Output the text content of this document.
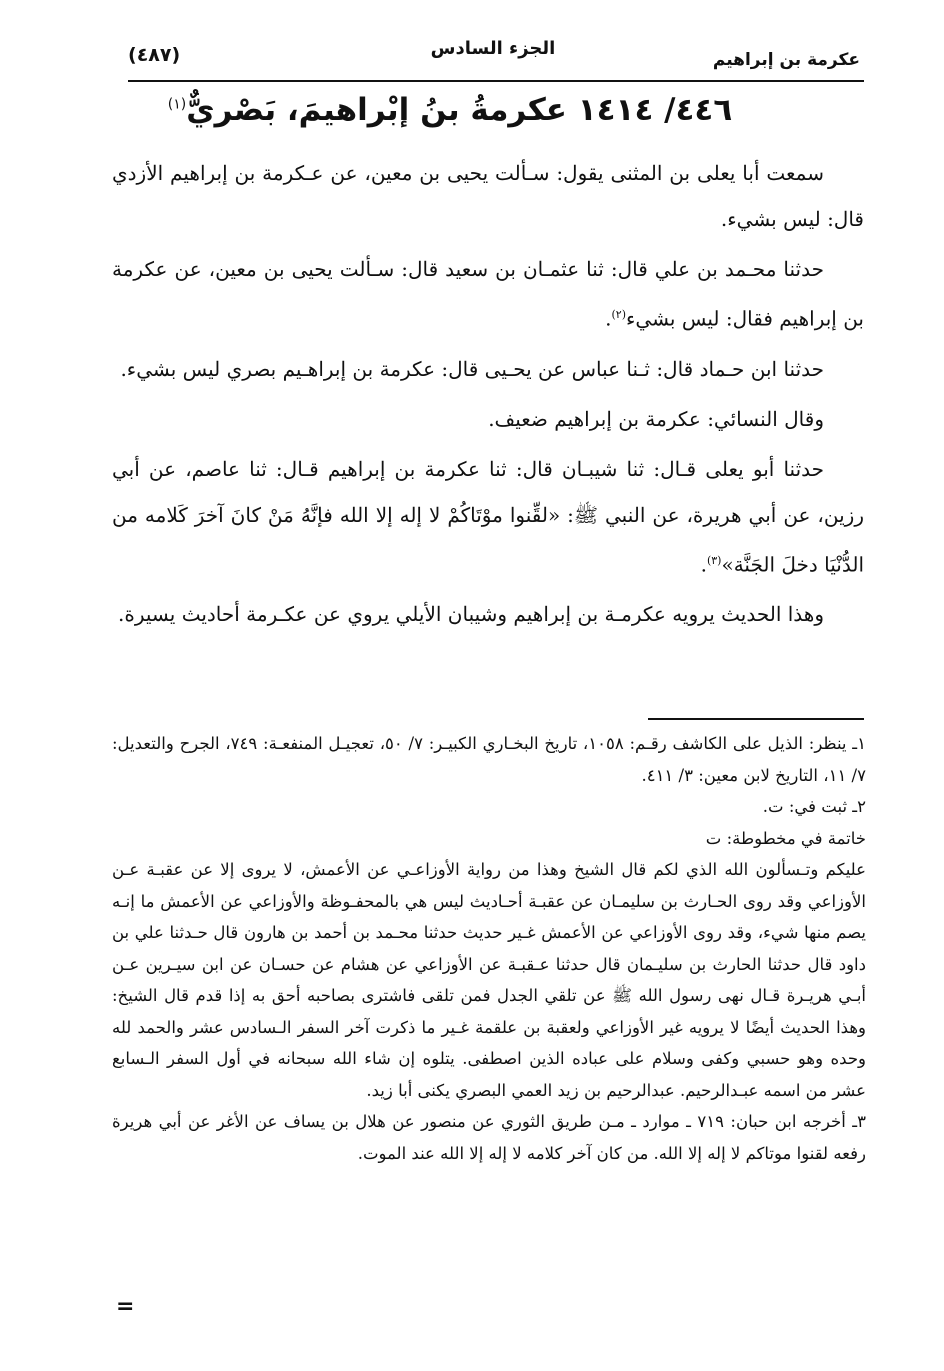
(٤٨٧)	الجزء السادس
عكرمة بن إبراهيم
٤٤٦/ ١٤١٤ عكرمةُ بنُ إبْراهيمَ، بَصْريٌّ$^{(١)}$

سمعت أبا يعلى بن المثنى يقول: سـألت يحيى بن معين، عن عـكرمة بن إبراهيم الأزدي قال: ليس بشيء.

حدثنا محـمد بن علي قال: ثنا عثمـان بن سعيد قال: سـألت يحيى بن معين، عن عكرمة بن إبراهيم فقال: ليس بشيء$^{(٢)}$.

حدثنا ابن حـماد قال: ثـنا عباس عن يحـيى قال: عكرمة بن إبراهـيم بصري ليس بشيء.

وقال النسائي: عكرمة بن إبراهيم ضعيف.

حدثنا أبو يعلى قـال: ثنا شيبـان قال: ثنا عكرمة بن إبراهيم قـال: ثنا عاصم، عن أبي رزين، عن أبي هريرة، عن النبي ﷺ: «لقِّنوا موْتَاكُمْ لا إله إلا الله فإنَّهُ مَنْ كانَ آخرَ كَلامه من الدُّنْيَا دخلَ الجَنَّة»$^{(٣)}$.

وهذا الحديث يرويه عكرمـة بن إبراهيم وشيبان الأيلي يروي عن عكـرمة أحاديث يسيرة.

١ـ ينظر: الذيل على الكاشف رقـم: ١٠٥٨، تاريخ البخـاري الكبيـر: ٧/ ٥٠، تعجيـل المنفعـة: ٧٤٩، الجرح والتعديل: ٧/ ١١، التاريخ لابن معين: ٣/ ٤١١.

٢ـ ثبت في: ت.

خاتمة في مخطوطة: ت

عليكم وتـسألون الله الذي لكم قال الشيخ وهذا من رواية الأوزاعـي عن الأعمش، لا يروى إلا عن عقبـة عـن الأوزاعي وقد روى الحـارث بن سليمـان عن عقبـة أحـاديث ليس هي بالمحفـوظة والأوزاعي عن الأعمش ما إنـه يصم منها شيء، وقد روى الأوزاعي عن الأعمش غـير حديث حدثنا محـمد بن أحمد بن هارون قال حـدثنا علي بن داود قال حدثنا الحارث بن سليـمان قال حدثنا عـقبـة عن الأوزاعي عن هشام عن حسـان عن ابن سيـرين عـن أبـي هريـرة قـال نهى رسول الله ﷺ عن تلقي الجدل فمن تلقى فاشترى بصاحبه أحق به إذا قدم قال الشيخ: وهذا الحديث أيضًا لا يرويه غير الأوزاعي ولعقبة بن علقمة غـير ما ذكرت آخر السفر الـسادس عشر والحمد لله وحده وهو حسبي وكفى وسلام على عباده الذين اصطفى. يتلوه إن شاء الله سبحانه في أول السفر الـسابع عشر من اسمه عبـدالرحيم. عبدالرحيم بن زيد العمي البصري يكنى أبا زيد.

٣ـ أخرجه ابن حبان: ٧١٩ ـ موارد ـ مـن طريق الثوري عن منصور عن هلال بن يساف عن الأغر عن أبي هريرة رفعه لقنوا موتاكم لا إله إلا الله. من كان آخر كلامه لا إله إلا الله عند الموت.

=
